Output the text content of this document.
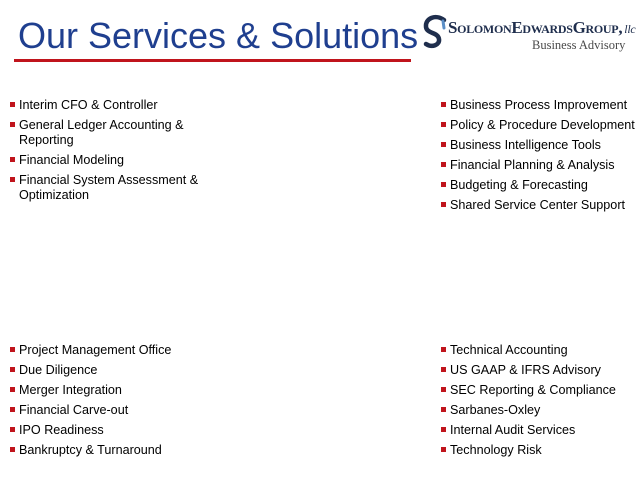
Our Services & Solutions SolomonEdwardsGroup, llc
Business Advisory
Interim CFO & Controller
General Ledger Accounting & Reporting
Financial Modeling
Financial System Assessment & Optimization
Business Process Improvement
Policy & Procedure Development
Business Intelligence Tools
Financial Planning & Analysis
Budgeting & Forecasting
Shared Service Center Support
Project Management Office
Due Diligence
Merger Integration
Financial Carve-out
IPO Readiness
Bankruptcy & Turnaround
Technical Accounting
US GAAP & IFRS Advisory
SEC Reporting & Compliance
Sarbanes-Oxley
Internal Audit Services
Technology Risk
